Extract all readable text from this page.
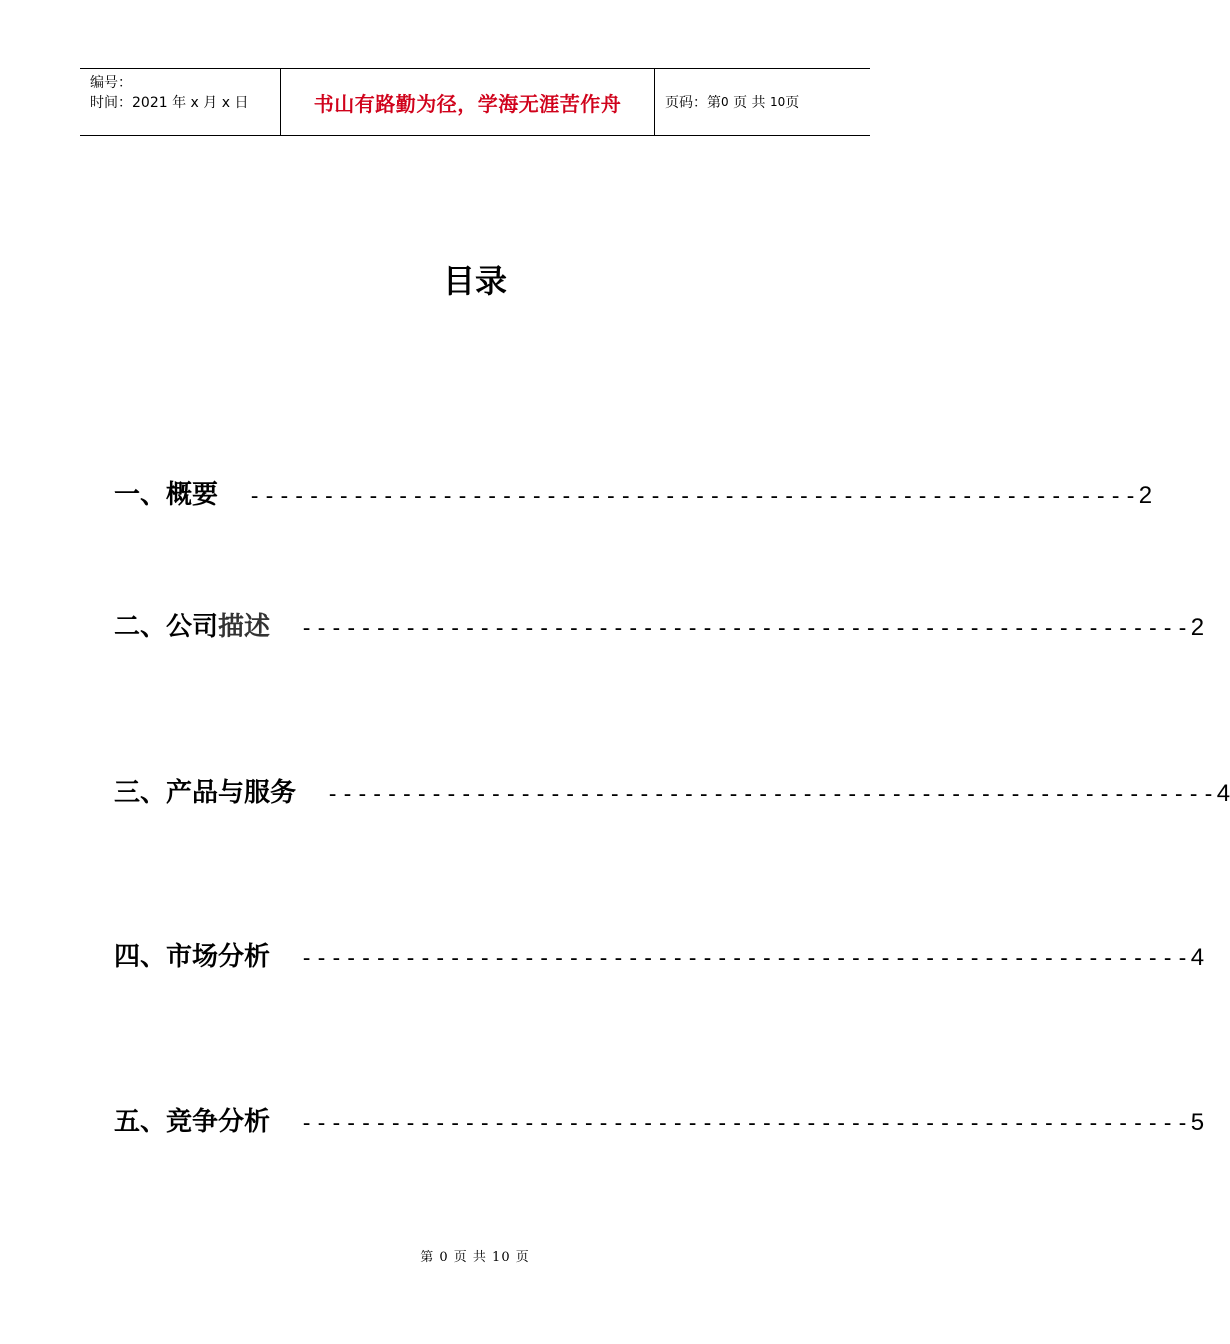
编号：
时间：2021 年 x 月 x 日	书山有路勤为径，学海无涯苦作舟	页码：第 0
页 共
10 页
目录
一、概要 ------------------------------------------------------------ 2
二、公司描述 ------------------------------------------------------------ 2
三、产品与服务 ------------------------------------------------------------ 4
四、市场分析 ------------------------------------------------------------ 4
五、竞争分析 ------------------------------------------------------------ 5
第 0 页 共 10 页
